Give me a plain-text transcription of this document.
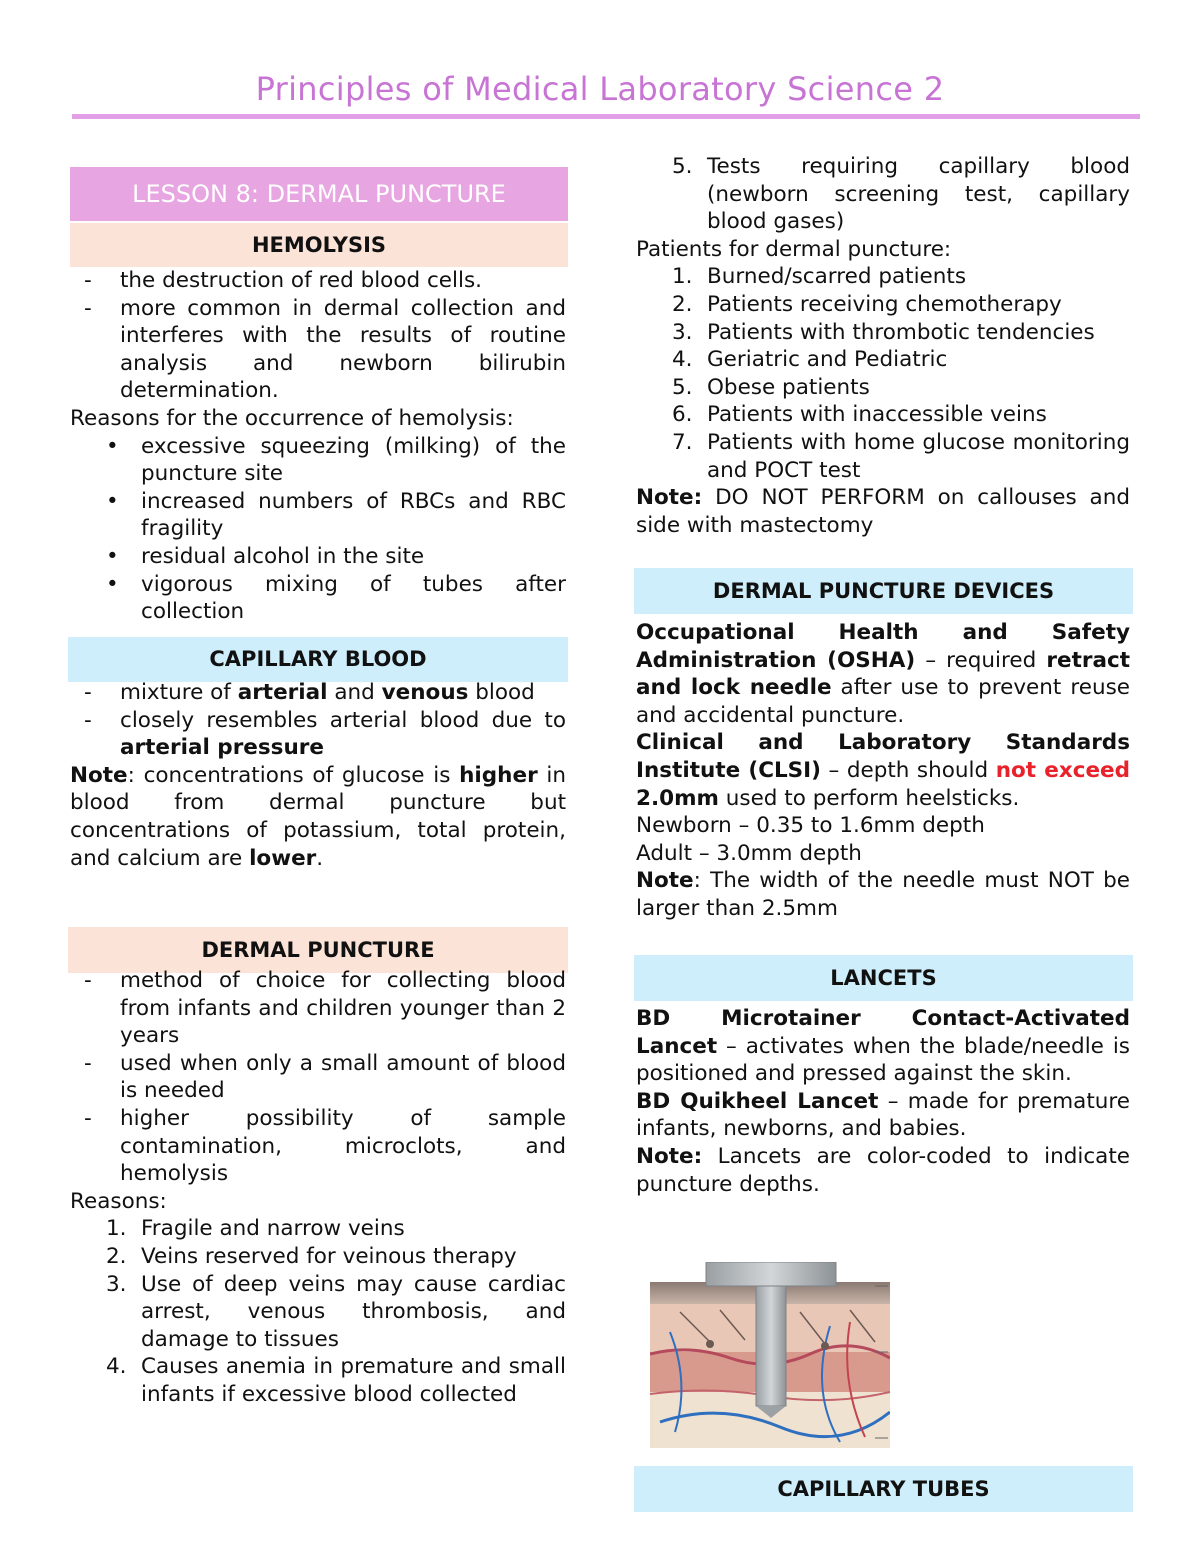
Principles of Medical Laboratory Science 2
LESSON 8: DERMAL PUNCTURE
HEMOLYSIS
- the destruction of red blood cells.
- more common in dermal collection and interferes with the results of routine analysis and newborn bilirubin determination.
Reasons for the occurrence of hemolysis:
• excessive squeezing (milking) of the puncture site
• increased numbers of RBCs and RBC fragility
• residual alcohol in the site
• vigorous mixing of tubes after collection
CAPILLARY BLOOD
- mixture of arterial and venous blood
- closely resembles arterial blood due to arterial pressure
Note: concentrations of glucose is higher in blood from dermal puncture but concentrations of potassium, total protein, and calcium are lower.
DERMAL PUNCTURE
- method of choice for collecting blood from infants and children younger than 2 years
- used when only a small amount of blood is needed
- higher possibility of sample contamination, microclots, and hemolysis
Reasons:
1. Fragile and narrow veins
2. Veins reserved for veinous therapy
3. Use of deep veins may cause cardiac arrest, venous thrombosis, and damage to tissues
4. Causes anemia in premature and small infants if excessive blood collected
5. Tests requiring capillary blood (newborn screening test, capillary blood gases)
Patients for dermal puncture:
1. Burned/scarred patients
2. Patients receiving chemotherapy
3. Patients with thrombotic tendencies
4. Geriatric and Pediatric
5. Obese patients
6. Patients with inaccessible veins
7. Patients with home glucose monitoring and POCT test
Note: DO NOT PERFORM on callouses and side with mastectomy
DERMAL PUNCTURE DEVICES
Occupational Health and Safety Administration (OSHA) – required retract and lock needle after use to prevent reuse and accidental puncture.
Clinical and Laboratory Standards Institute (CLSI) – depth should not exceed 2.0mm used to perform heelsticks.
Newborn – 0.35 to 1.6mm depth
Adult – 3.0mm depth
Note: The width of the needle must NOT be larger than 2.5mm
LANCETS
BD Microtainer Contact-Activated Lancet – activates when the blade/needle is positioned and pressed against the skin.
BD Quikheel Lancet – made for premature infants, newborns, and babies.
Note: Lancets are color-coded to indicate puncture depths.
CAPILLARY TUBES
